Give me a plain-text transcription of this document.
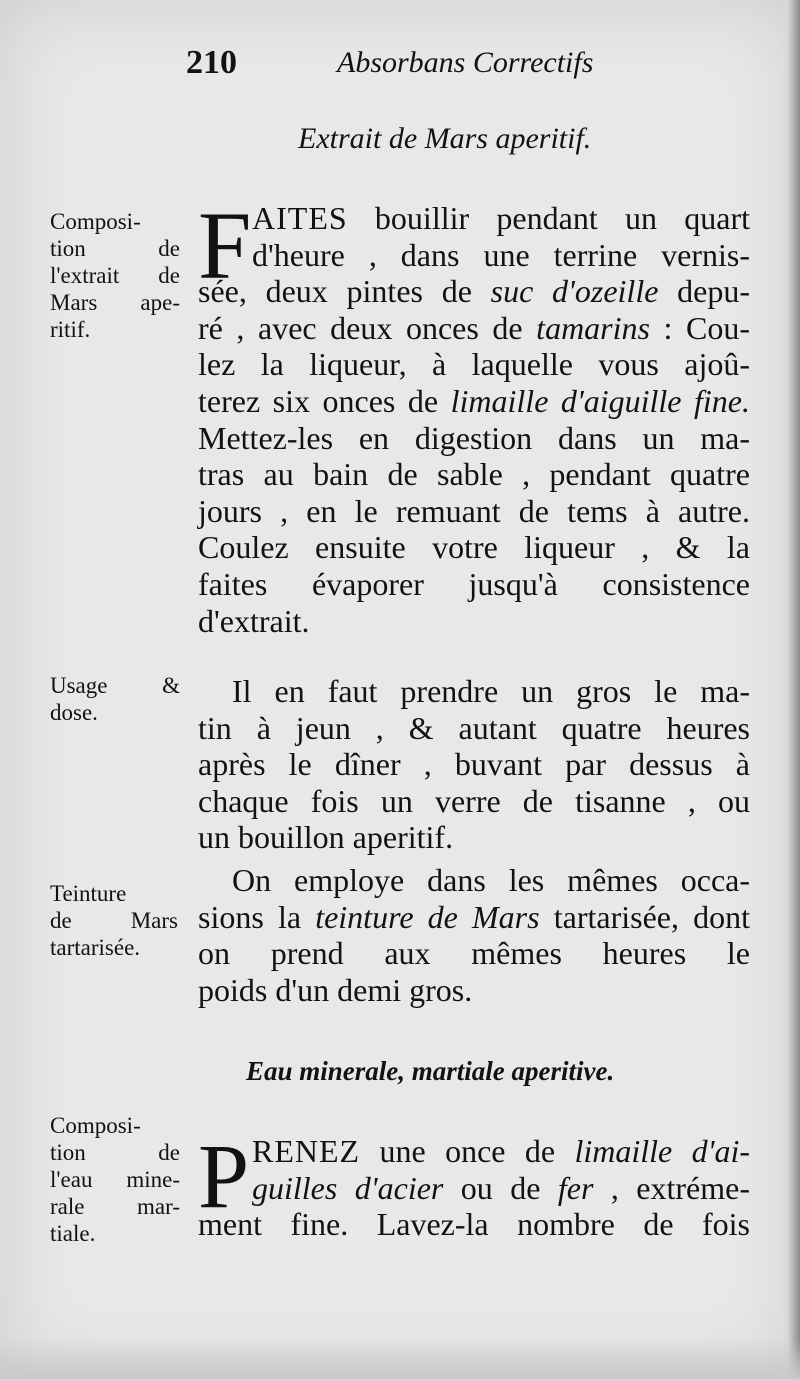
210	Absorbans Correctifs
Extrait de Mars aperitif.
Composi-
tion de
l'extrait de
Mars ape-
ritif.
F AITES bouillir pendant un quart
d'heure , dans une terrine vernis-
sée, deux pintes de suc d'ozeille depu-
ré , avec deux onces de tamarins : Cou-
lez la liqueur, à laquelle vous ajoû-
terez six onces de limaille d'aiguille fine.
Mettez-les en digestion dans un ma-
tras au bain de sable , pendant quatre
jours , en le remuant de tems à autre.
Coulez ensuite votre liqueur , & la
faites évaporer jusqu'à consistence
d'extrait.
Usage &
dose.
Il en faut prendre un gros le ma-
tin à jeun , & autant quatre heures
après le dîner , buvant par dessus à
chaque fois un verre de tisanne , ou
un bouillon aperitif.
Teinture
de Mars
tartarisée.
On employe dans les mêmes occa-
sions la teinture de Mars tartarisée, dont
on prend aux mêmes heures le
poids d'un demi gros.
Eau minerale, martiale aperitive.
Composi-
tion de
l'eau mine-
rale mar-
tiale.
P RENEZ une once de limaille d'ai-
guilles d'acier ou de fer , extréme-
ment fine. Lavez-la nombre de fois
